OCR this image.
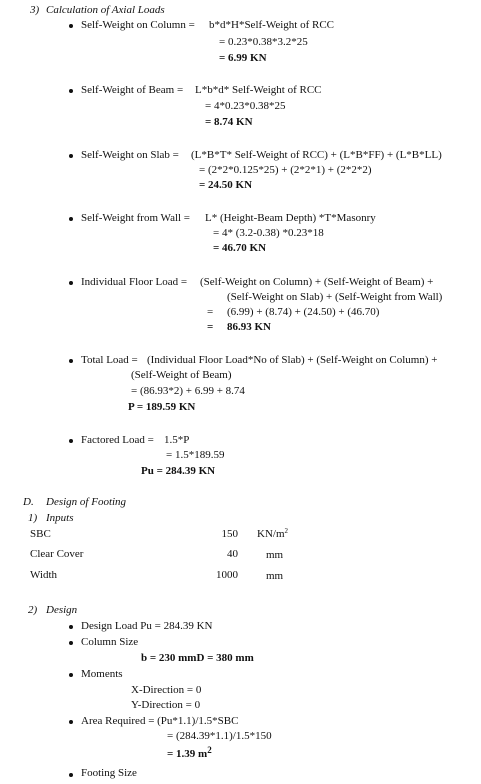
3) Calculation of Axial Loads
Self-Weight on Column = b*d*H*Self-Weight of RCC
= 0.23*0.38*3.2*25
= 6.99 KN
Self-Weight of Beam = L*b*d* Self-Weight of RCC
= 4*0.23*0.38*25
= 8.74 KN
Self-Weight on Slab = (L*B*T* Self-Weight of RCC) + (L*B*FF) + (L*B*LL)
= (2*2*0.125*25) + (2*2*1) + (2*2*2)
= 24.50 KN
Self-Weight from Wall = L* (Height-Beam Depth) *T*Masonry
= 4* (3.2-0.38) *0.23*18
= 46.70 KN
Individual Floor Load = (Self-Weight on Column) + (Self-Weight of Beam) +
(Self-Weight on Slab) + (Self-Weight from Wall)
= (6.99) + (8.74) + (24.50) + (46.70)
= 86.93 KN
Total Load = (Individual Floor Load*No of Slab) + (Self-Weight on Column) +
(Self-Weight of Beam)
= (86.93*2) + 6.99 + 8.74
P = 189.59 KN
Factored Load = 1.5*P
= 1.5*189.59
Pu = 284.39 KN
D. Design of Footing
1) Inputs
SBC	150 $KN/m^2$
Clear Cover	40	mm
Width	1000	mm
2) Design
Design Load Pu = 284.39 KN
Column Size
b = 230 mmD = 380 mm
Moments
X-Direction = 0
Y-Direction = 0
Area Required = (Pu*1.1)/1.5*SBC
= (284.39*1.1)/1.5*150
= 1.39 $m^2$
Footing Size
